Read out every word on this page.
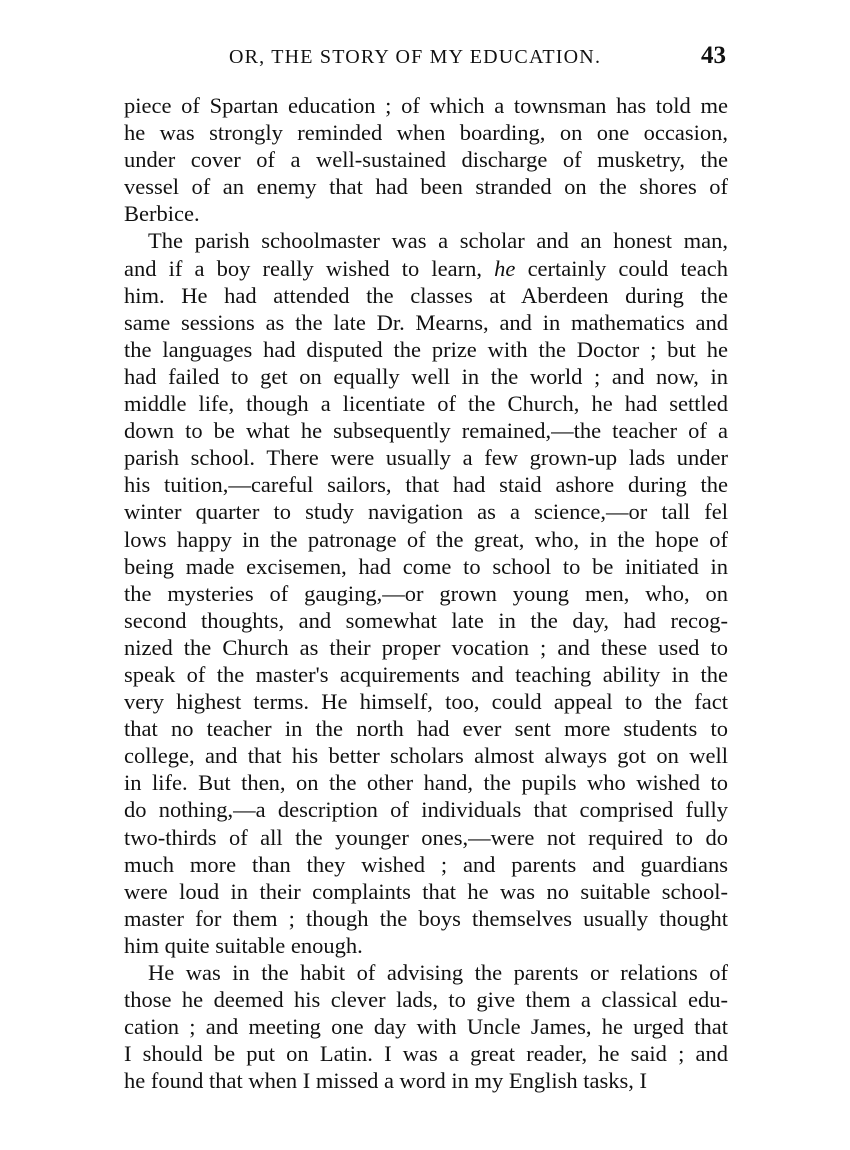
OR, THE STORY OF MY EDUCATION.	43
piece of Spartan education ; of which a townsman has told me
he was strongly reminded when boarding, on one occasion,
under cover of a well-sustained discharge of musketry, the
vessel of an enemy that had been stranded on the shores of
Berbice.
The parish schoolmaster was a scholar and an honest man,
and if a boy really wished to learn, he certainly could teach
him. He had attended the classes at Aberdeen during the
same sessions as the late Dr. Mearns, and in mathematics and
the languages had disputed the prize with the Doctor ; but he
had failed to get on equally well in the world ; and now, in
middle life, though a licentiate of the Church, he had settled
down to be what he subsequently remained,—the teacher of a
parish school. There were usually a few grown-up lads under
his tuition,—careful sailors, that had staid ashore during the
winter quarter to study navigation as a science,—or tall fel
lows happy in the patronage of the great, who, in the hope of
being made excisemen, had come to school to be initiated in
the mysteries of gauging,—or grown young men, who, on
second thoughts, and somewhat late in the day, had recog-
nized the Church as their proper vocation ; and these used to
speak of the master's acquirements and teaching ability in the
very highest terms. He himself, too, could appeal to the fact
that no teacher in the north had ever sent more students to
college, and that his better scholars almost always got on well
in life. But then, on the other hand, the pupils who wished to
do nothing,—a description of individuals that comprised fully
two-thirds of all the younger ones,—were not required to do
much more than they wished ; and parents and guardians
were loud in their complaints that he was no suitable school-
master for them ; though the boys themselves usually thought
him quite suitable enough.
He was in the habit of advising the parents or relations of
those he deemed his clever lads, to give them a classical edu-
cation ; and meeting one day with Uncle James, he urged that
I should be put on Latin. I was a great reader, he said ; and
he found that when I missed a word in my English tasks, I
